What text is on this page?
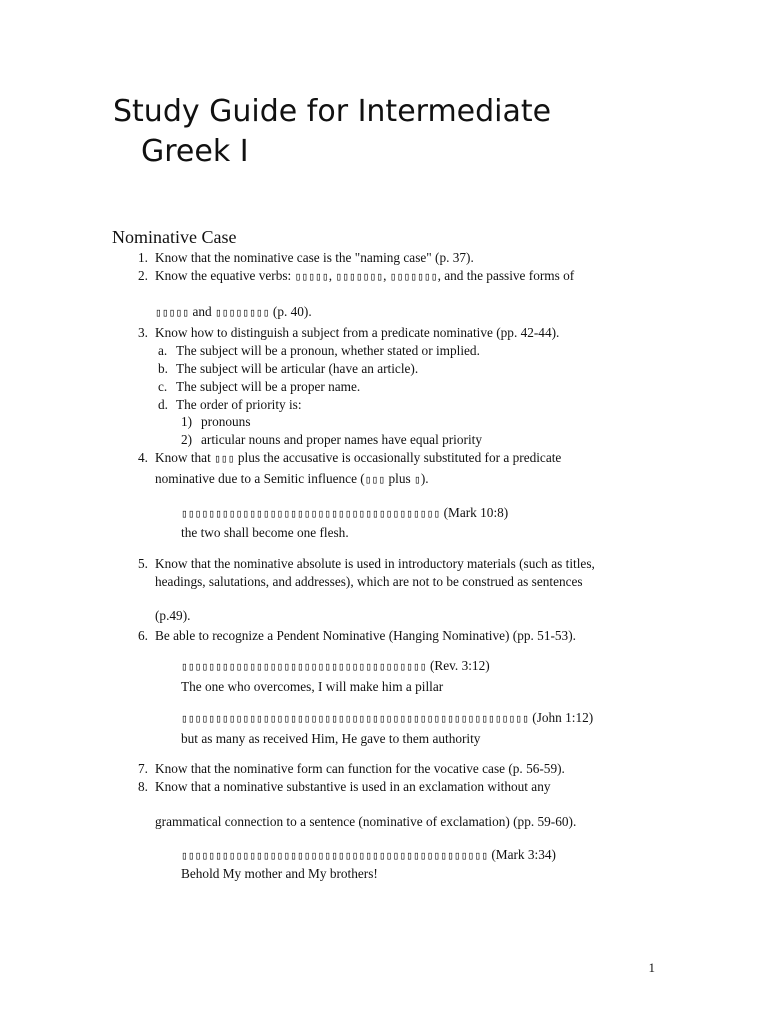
Study Guide for Intermediate
Greek I
Nominative Case
1. Know that the nominative case is the "naming case" (p. 37).
2. Know the equative verbs: ▯▯▯▯▯, ▯▯▯▯▯▯▯, ▯▯▯▯▯▯▯, and the passive forms of
▯▯▯▯▯ and ▯▯▯▯▯▯▯▯ (p. 40).
3. Know how to distinguish a subject from a predicate nominative (pp. 42-44).
a. The subject will be a pronoun, whether stated or implied.
b. The subject will be articular (have an article).
c. The subject will be a proper name.
d. The order of priority is:
1) pronouns
2) articular nouns and proper names have equal priority
4. Know that ▯▯▯ plus the accusative is occasionally substituted for a predicate
nominative due to a Semitic influence (▯▯▯ plus ▯).
▯▯▯▯▯▯▯▯▯▯▯▯▯▯▯▯▯▯▯▯▯▯▯▯▯▯▯▯▯▯▯▯▯▯▯▯▯▯ (Mark 10:8)
the two shall become one flesh.
5. Know that the nominative absolute is used in introductory materials (such as titles,
headings, salutations, and addresses), which are not to be construed as sentences
(p.49).
6. Be able to recognize a Pendent Nominative (Hanging Nominative) (pp. 51-53).
▯▯▯▯▯▯▯▯▯▯▯▯▯▯▯▯▯▯▯▯▯▯▯▯▯▯▯▯▯▯▯▯▯▯▯▯ (Rev. 3:12)
The one who overcomes, I will make him a pillar
▯▯▯▯▯▯▯▯▯▯▯▯▯▯▯▯▯▯▯▯▯▯▯▯▯▯▯▯▯▯▯▯▯▯▯▯▯▯▯▯▯▯▯▯▯▯▯▯▯▯▯ (John 1:12)
but as many as received Him, He gave to them authority
7. Know that the nominative form can function for the vocative case (p. 56-59).
8. Know that a nominative substantive is used in an exclamation without any
grammatical connection to a sentence (nominative of exclamation) (pp. 59-60).
▯▯▯▯▯▯▯▯▯▯▯▯▯▯▯▯▯▯▯▯▯▯▯▯▯▯▯▯▯▯▯▯▯▯▯▯▯▯▯▯▯▯▯▯▯ (Mark 3:34)
Behold My mother and My brothers!
1
